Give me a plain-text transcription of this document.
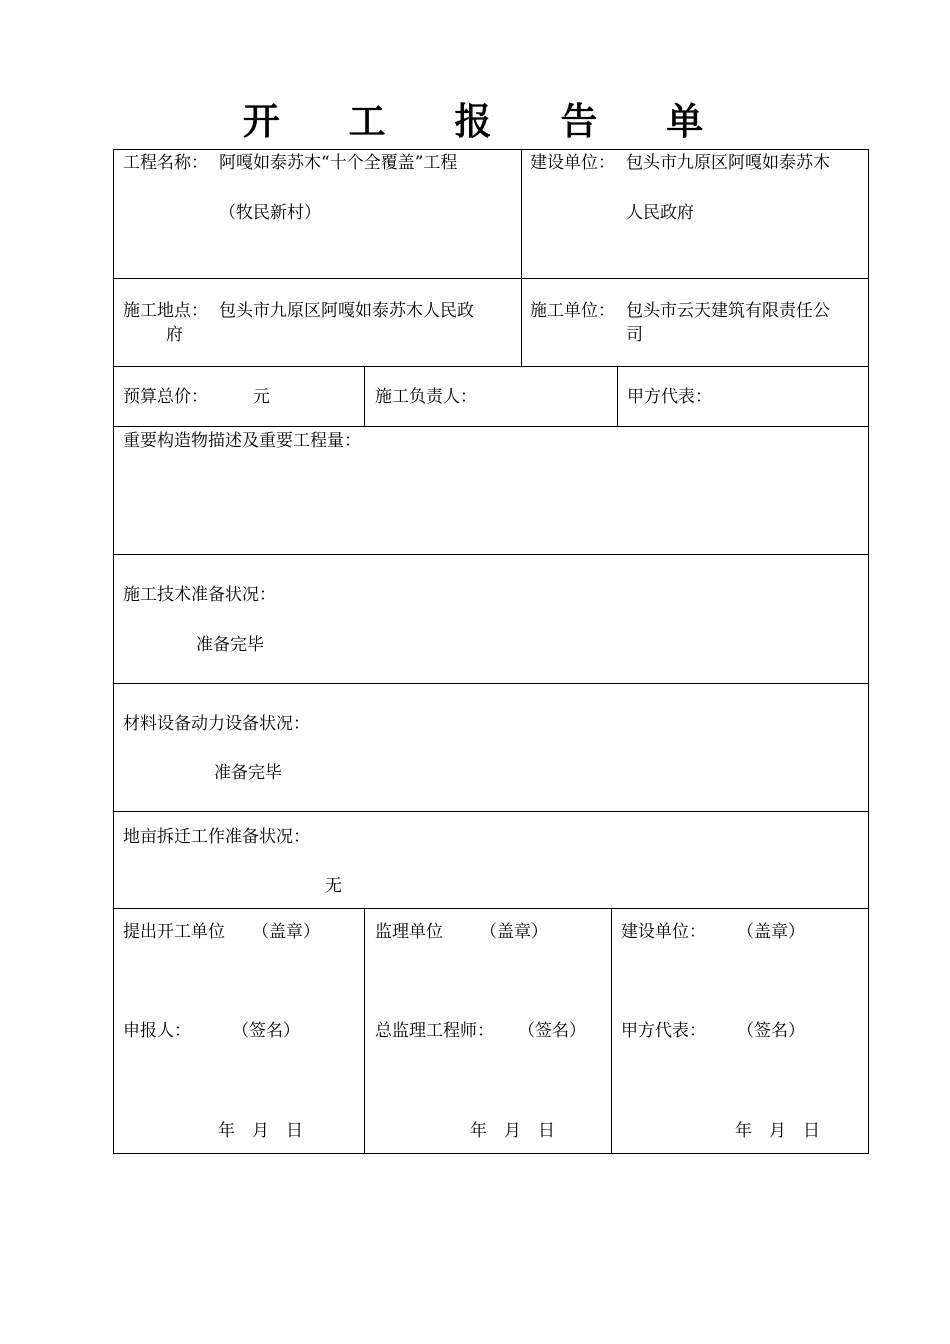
开 工 报 告 单
工程名称： 阿嘎如泰苏木“十个全覆盖”工程
（牧民新村）
建设单位： 包头市九原区阿嘎如泰苏木
人民政府
施工地点： 包头市九原区阿嘎如泰苏木人民政
府
施工单位： 包头市云天建筑有限责任公
司
预算总价：	元	施工负责人：	甲方代表：
重要构造物描述及重要工程量：
施工技术准备状况：
准备完毕
材料设备动力设备状况：
准备完毕
地亩拆迁工作准备状况：
无
提出开工单位 （盖章）
申报人： （签名）
年　月　日
监理单位 （盖章）
总监理工程师： （签名）
年　月　日
建设单位： （盖章）
甲方代表： （签名）
年　月　日
